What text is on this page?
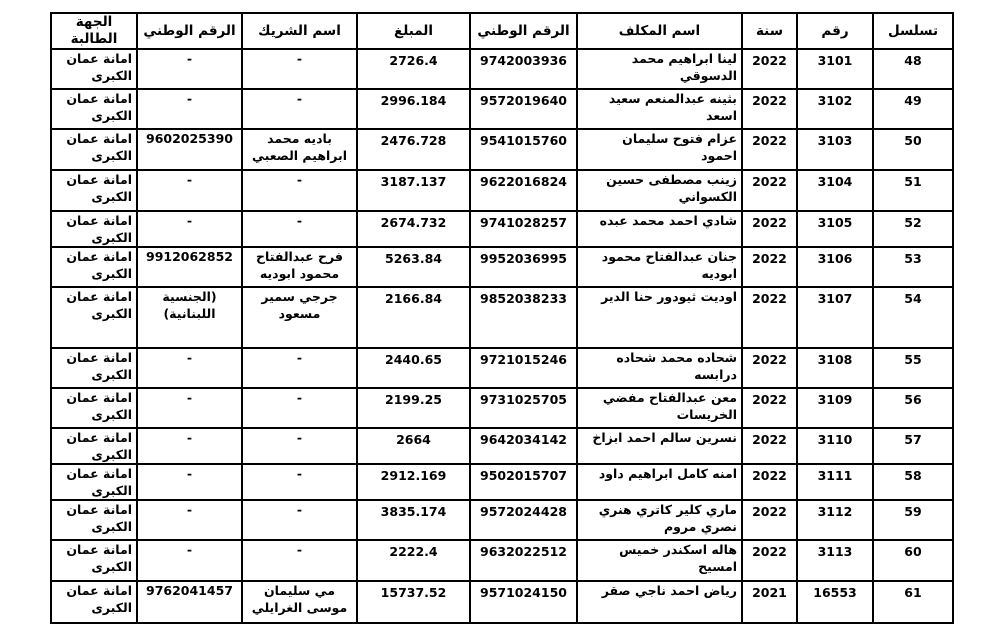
تسلسل	رقم	سنة	اسم المكلف	الرقم الوطني	المبلغ	اسم الشريك	الرقم الوطني	الجهة الطالبة
48	3101	2022	لينا ابراهيم محمد الدسوقي	9742003936	2726.4	-	-	امانة عمان الكبرى
49	3102	2022	بثينه عبدالمنعم سعيد اسعد	9572019640	2996.184	-	-	امانة عمان الكبرى
50	3103	2022	عزام فتوح سليمان احمود	9541015760	2476.728	باديه محمد ابراهيم الصعبي	9602025390	امانة عمان الكبرى
51	3104	2022	زينب مصطفى حسين الكسواني	9622016824	3187.137	-	-	امانة عمان الكبرى
52	3105	2022	شادي احمد محمد عبده	9741028257	2674.732	-	-	امانة عمان الكبرى
53	3106	2022	جنان عبدالفتاح محمود ابوديه	9952036995	5263.84	فرح عبدالفتاح محمود ابوديه	9912062852	امانة عمان الكبرى
54	3107	2022	اوديت ثيودور حنا الدير	9852038233	2166.84	جرجي سمير مسعود	(الجنسية اللبنانية)	امانة عمان الكبرى
55	3108	2022	شحاده محمد شحاده درابسه	9721015246	2440.65	-	-	امانة عمان الكبرى
56	3109	2022	معن عبدالفتاح مفضي الخريسات	9731025705	2199.25	-	-	امانة عمان الكبرى
57	3110	2022	نسرين سالم احمد ابزاخ	9642034142	2664	-	-	امانة عمان الكبرى
58	3111	2022	امنه كامل ابراهيم داود	9502015707	2912.169	-	-	امانة عمان الكبرى
59	3112	2022	ماري كلير كاتري هنري نصري مروم	9572024428	3835.174	-	-	امانة عمان الكبرى
60	3113	2022	هاله اسكندر خميس امسيح	9632022512	2222.4	-	-	امانة عمان الكبرى
61	16553	2021	رياض احمد ناجي صقر	9571024150	15737.52	مي سليمان موسى الغرايلي	9762041457	امانة عمان الكبرى
